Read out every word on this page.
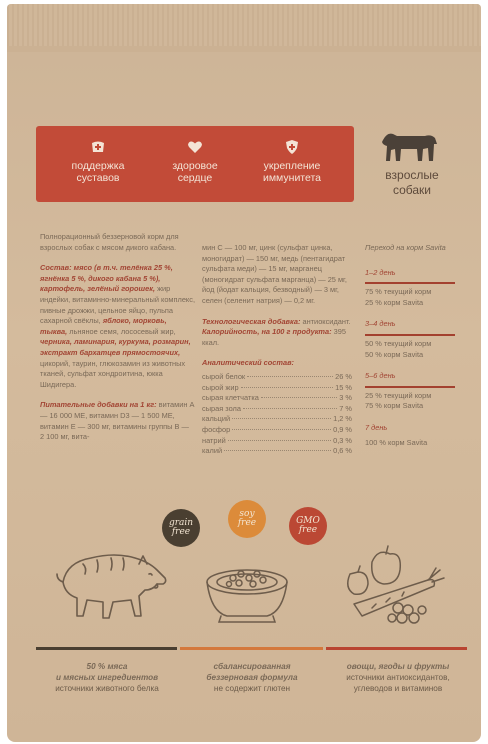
поддержка
суставов
здоровое
сердце
укрепление
иммунитета	взрослые
собаки
Полнорационный беззерновой корм для взрослых собак с мясом дикого кабана.
Состав: мясо (в т.ч. телёнка 25 %, ягнёнка 5 %, дикого кабана 5 %), картофель, зелёный горошек, жир индейки, витаминно-минеральный комплекс, пивные дрожжи, цельное яйцо, пульпа сахарной свёклы, яблоко, морковь, тыква, льняное семя, лососевый жир, черника, ламинария, куркума, розмарин, экстракт бархатцев прямостоячих, цикорий, таурин, глюкозамин из животных тканей, сульфат хондроитина, юкка Шидигера.
Питательные добавки на 1 кг: витамин A — 16 000 МЕ, витамин D3 — 1 500 МЕ, витамин E — 300 мг, витамины группы B — 2 100 мг, вита-
мин C — 100 мг, цинк (сульфат цинка, моногидрат) — 150 мг, медь (пентагидрат сульфата меди) — 15 мг, марганец (моногидрат сульфата марганца) — 25 мг, йод (йодат кальция, безводный) — 3 мг, селен (селенит натрия) — 0,2 мг.
Технологическая добавка: антиоксидант. Калорийность, на 100 г продукта: 395 ккал.
Аналитический состав:
сырой белок	26 %
сырой жир	15 %
сырая клетчатка	3 %
сырая зола	7 %
кальций	1,2 %
фосфор	0,9 %
натрий	0,3 %
калий	0,6 %
Переход на корм Savita
1–2 день
75 % текущий корм
25 % корм Savita
3–4 день
50 % текущий корм
50 % корм Savita
5–6 день
25 % текущий корм
75 % корм Savita
7 день
100 % корм Savita
grain
free
soy
free	GMO
free
50 % мяса
и мясных ингредиентов
источники животного белка
сбалансированная
беззерновая формула
не содержит глютен
овощи, ягоды и фрукты
источники антиоксидантов,
углеводов и витаминов
